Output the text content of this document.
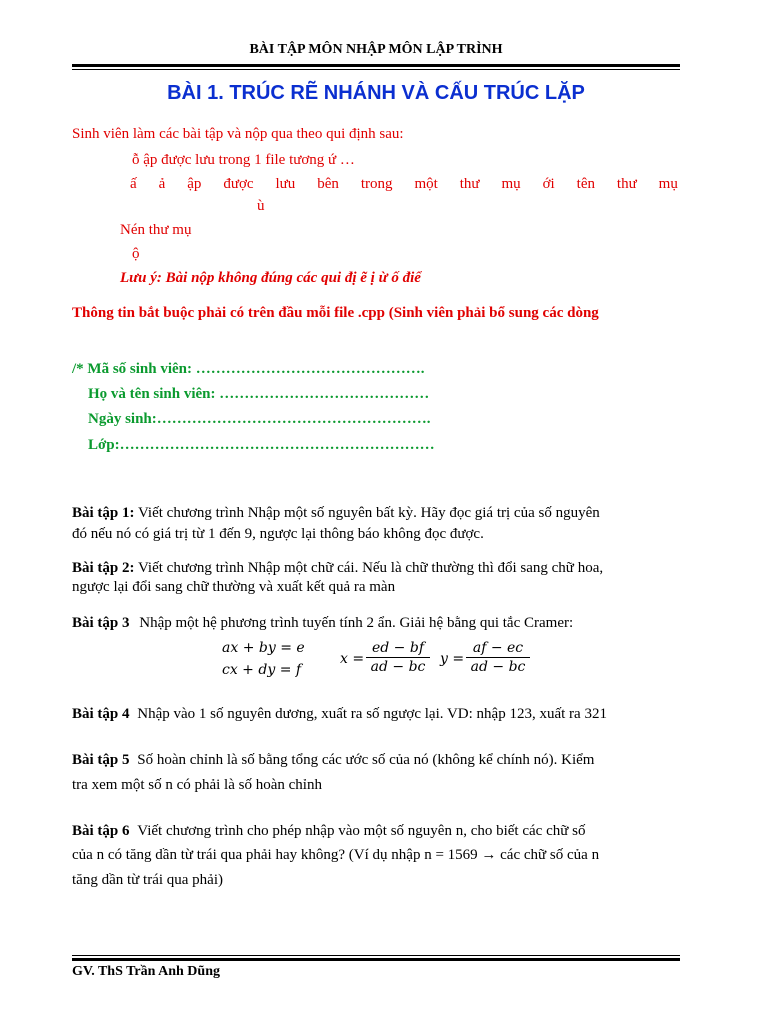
BÀI TẬP MÔN NHẬP MÔN LẬP TRÌNH
BÀI 1. TRÚC RẼ NHÁNH VÀ CẤU TRÚC LẶP
Sinh viên làm các bài tập và nộp qua theo qui định sau:
ỗ ập được lưu trong 1 file tương ứ …
ấ ả ập được lưu bên trong một thư mụ ới tên thư mụ
ù
Nén thư mụ
ộ
Lưu ý: Bài nộp không đúng các qui đị ẽ ị ừ ố điể
Thông tin bắt buộc phải có trên đầu mỗi file .cpp (Sinh viên phải bổ sung các dòng
/* Mã số sinh viên: ……………………………………….
Họ và tên sinh viên: ……………………………………
Ngày sinh:……………………………………………….
Lớp:………………………………………………………
Bài tập 1: Viết chương trình Nhập một số nguyên bất kỳ. Hãy đọc giá trị của số nguyên
đó nếu nó có giá trị từ 1 đến 9, ngược lại thông báo không đọc được.
Bài tập 2: Viết chương trình Nhập một chữ cái. Nếu là chữ thường thì đổi sang chữ hoa,
ngược lại đổi sang chữ thường và xuất kết quả ra màn
Bài tập 3 Nhập một hệ phương trình tuyến tính 2 ẩn. Giải hệ bằng qui tắc Cramer:
ax + by = e
cx + dy = f
x =
ed − bf
ad − bc	y =
af − ec
ad − bc
Bài tập 4 Nhập vào 1 số nguyên dương, xuất ra số ngược lại. VD: nhập 123, xuất ra 321
Bài tập 5 Số hoàn chỉnh là số bằng tổng các ước số của nó (không kể chính nó). Kiểm
tra xem một số n có phải là số hoàn chỉnh
Bài tập 6 Viết chương trình cho phép nhập vào một số nguyên n, cho biết các chữ số
của n có tăng dần từ trái qua phải hay không? (Ví dụ nhập n = 1569 → các chữ số của n
tăng dần từ trái qua phải)
GV. ThS Trần Anh Dũng
